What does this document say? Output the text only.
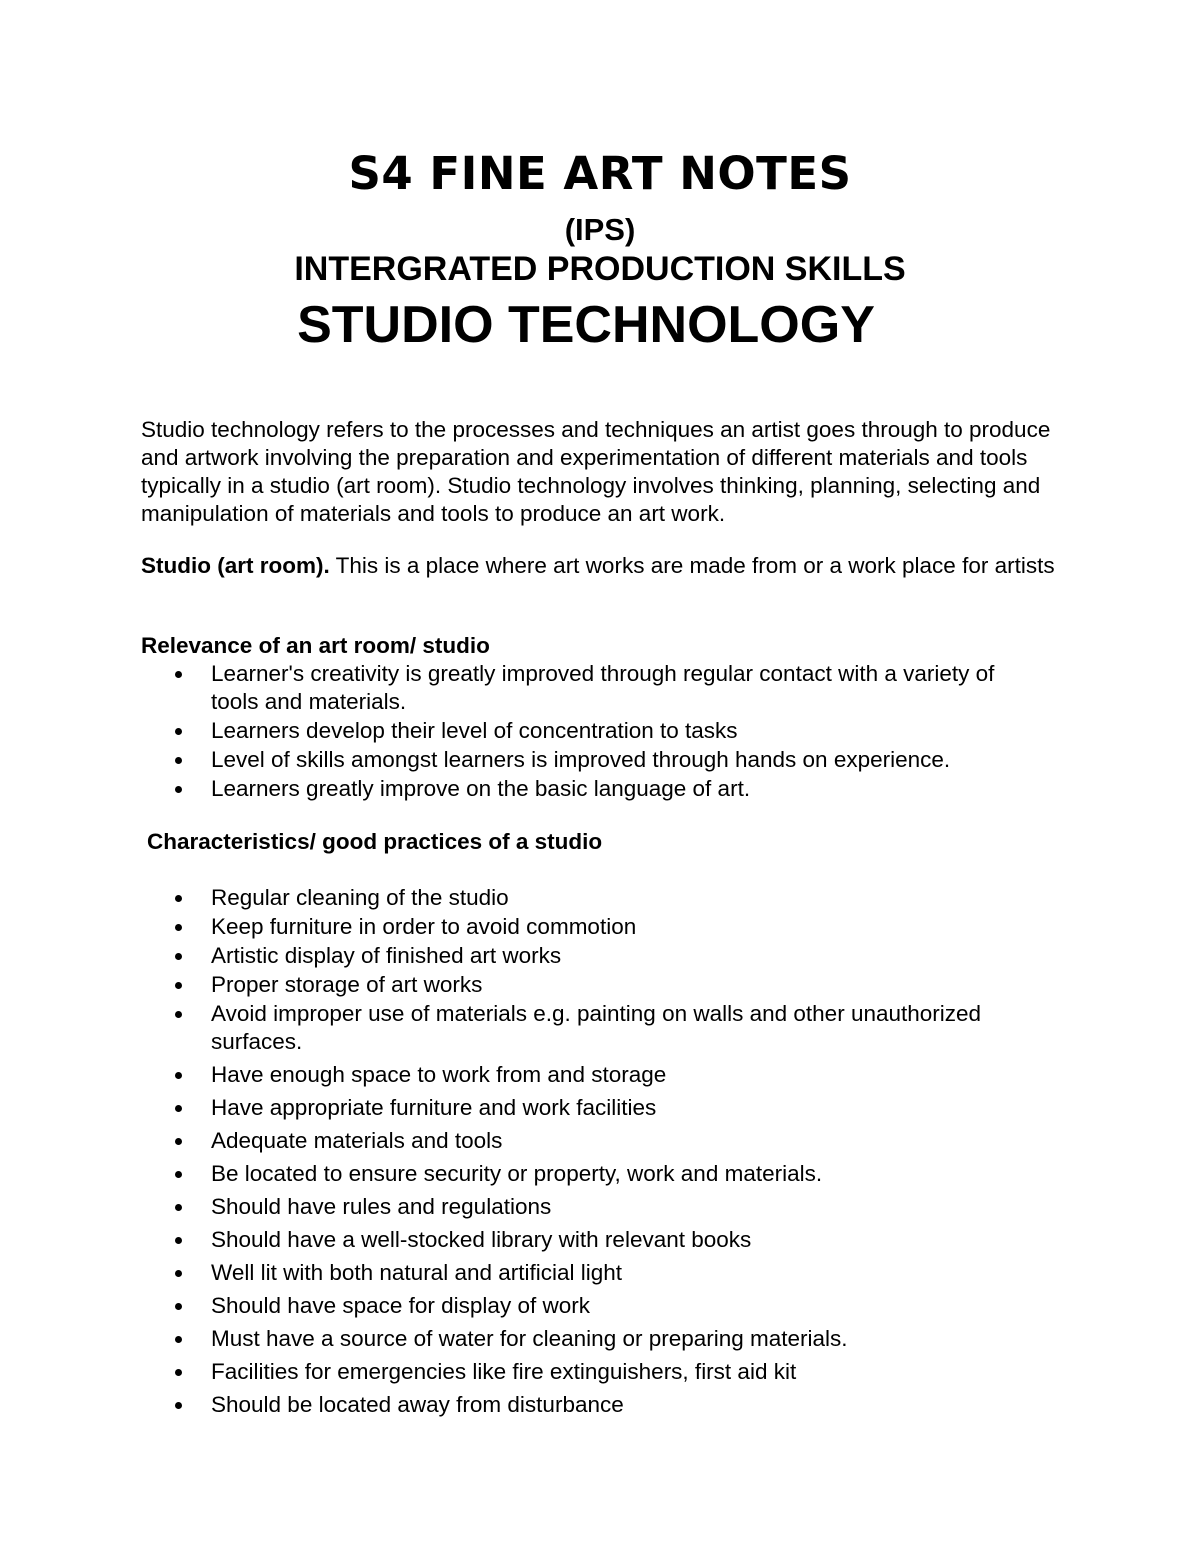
S4 FINE ART NOTES
(IPS)
INTERGRATED PRODUCTION SKILLS
STUDIO TECHNOLOGY

Studio technology refers to the processes and techniques an artist goes through to produce and artwork involving the preparation and experimentation of different materials and tools typically in a studio (art room). Studio technology involves thinking, planning, selecting and manipulation of materials and tools to produce an art work.

Studio (art room). This is a place where art works are made from or a work place for artists

Relevance of an art room/ studio
Learner's creativity is greatly improved through regular contact with a variety of tools and materials.
Learners develop their level of concentration to tasks
Level of skills amongst learners is improved through hands on experience.
Learners greatly improve on the basic language of art.
Characteristics/ good practices of a studio
Regular cleaning of the studio
Keep furniture in order to avoid commotion
Artistic display of finished art works
Proper storage of art works
Avoid improper use of materials e.g. painting on walls and other unauthorized surfaces.
Have enough space to work from and storage
Have appropriate furniture and work facilities
Adequate materials and tools
Be located to ensure security or property, work and materials.
Should have rules and regulations
Should have a well-stocked library with relevant books
Well lit with both natural and artificial light
Should have space for display of work
Must have a source of water for cleaning or preparing materials.
Facilities for emergencies like fire extinguishers, first aid kit
Should be located away from disturbance
